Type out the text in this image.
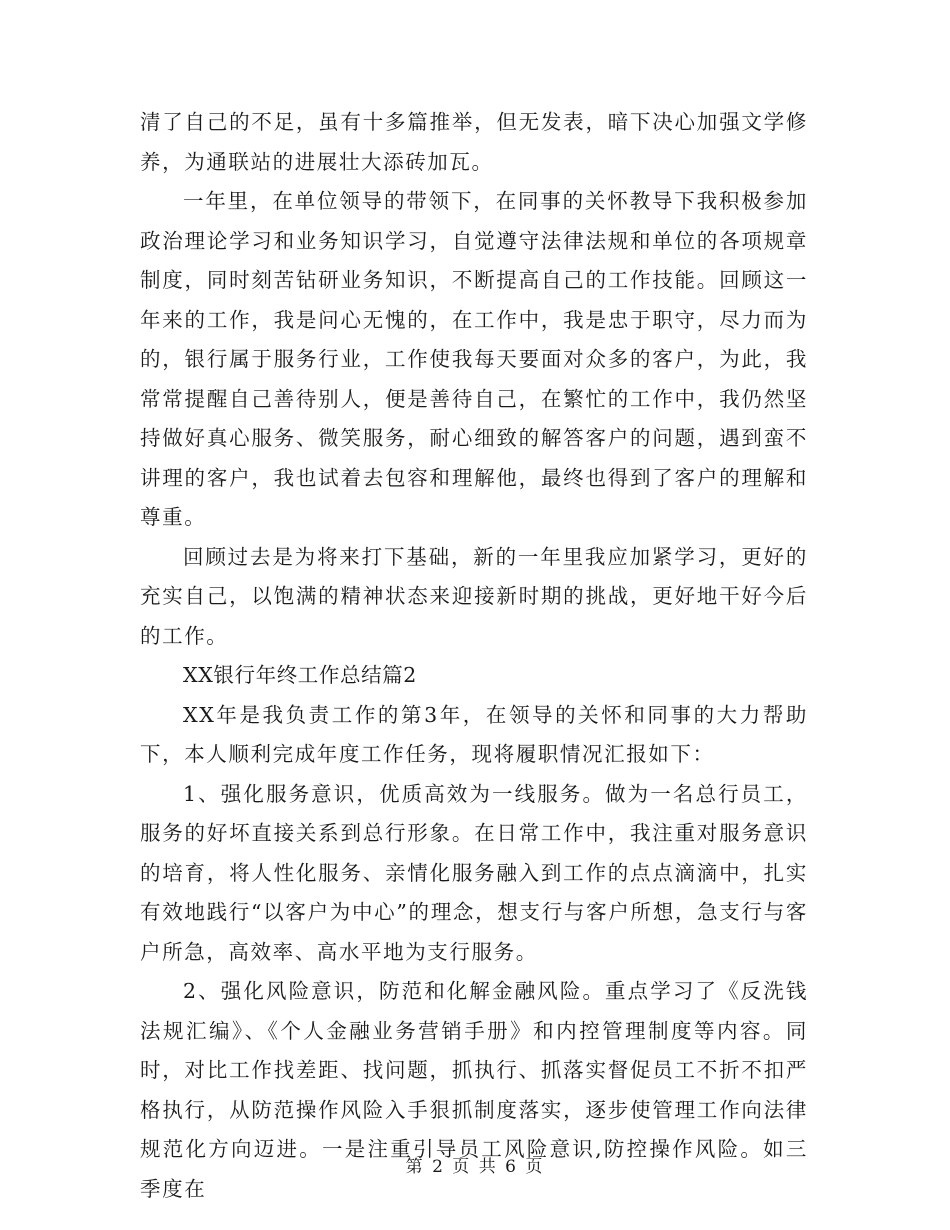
清了自己的不足，虽有十多篇推举，但无发表，暗下决心加强文学修养，为通联站的进展壮大添砖加瓦。

一年里，在单位领导的带领下，在同事的关怀教导下我积极参加政治理论学习和业务知识学习，自觉遵守法律法规和单位的各项规章制度，同时刻苦钻研业务知识，不断提高自己的工作技能。回顾这一年来的工作，我是问心无愧的，在工作中，我是忠于职守，尽力而为的，银行属于服务行业，工作使我每天要面对众多的客户，为此，我常常提醒自己善待别人，便是善待自己，在繁忙的工作中，我仍然坚持做好真心服务、微笑服务，耐心细致的解答客户的问题，遇到蛮不讲理的客户，我也试着去包容和理解他，最终也得到了客户的理解和尊重。

回顾过去是为将来打下基础，新的一年里我应加紧学习，更好的充实自己，以饱满的精神状态来迎接新时期的挑战，更好地干好今后的工作。

XX银行年终工作总结篇2

XX年是我负责工作的第3年，在领导的关怀和同事的大力帮助下，本人顺利完成年度工作任务，现将履职情况汇报如下：

1、强化服务意识，优质高效为一线服务。做为一名总行员工，服务的好坏直接关系到总行形象。在日常工作中，我注重对服务意识的培育，将人性化服务、亲情化服务融入到工作的点点滴滴中，扎实有效地践行“以客户为中心”的理念，想支行与客户所想，急支行与客户所急，高效率、高水平地为支行服务。

2、强化风险意识，防范和化解金融风险。重点学习了《反洗钱法规汇编》、《个人金融业务营销手册》和内控管理制度等内容。同时，对比工作找差距、找问题，抓执行、抓落实督促员工不折不扣严格执行，从防范操作风险入手狠抓制度落实，逐步使管理工作向法律规范化方向迈进。一是注重引导员工风险意识,防控操作风险。如三季度在

第 2 页 共 6 页
